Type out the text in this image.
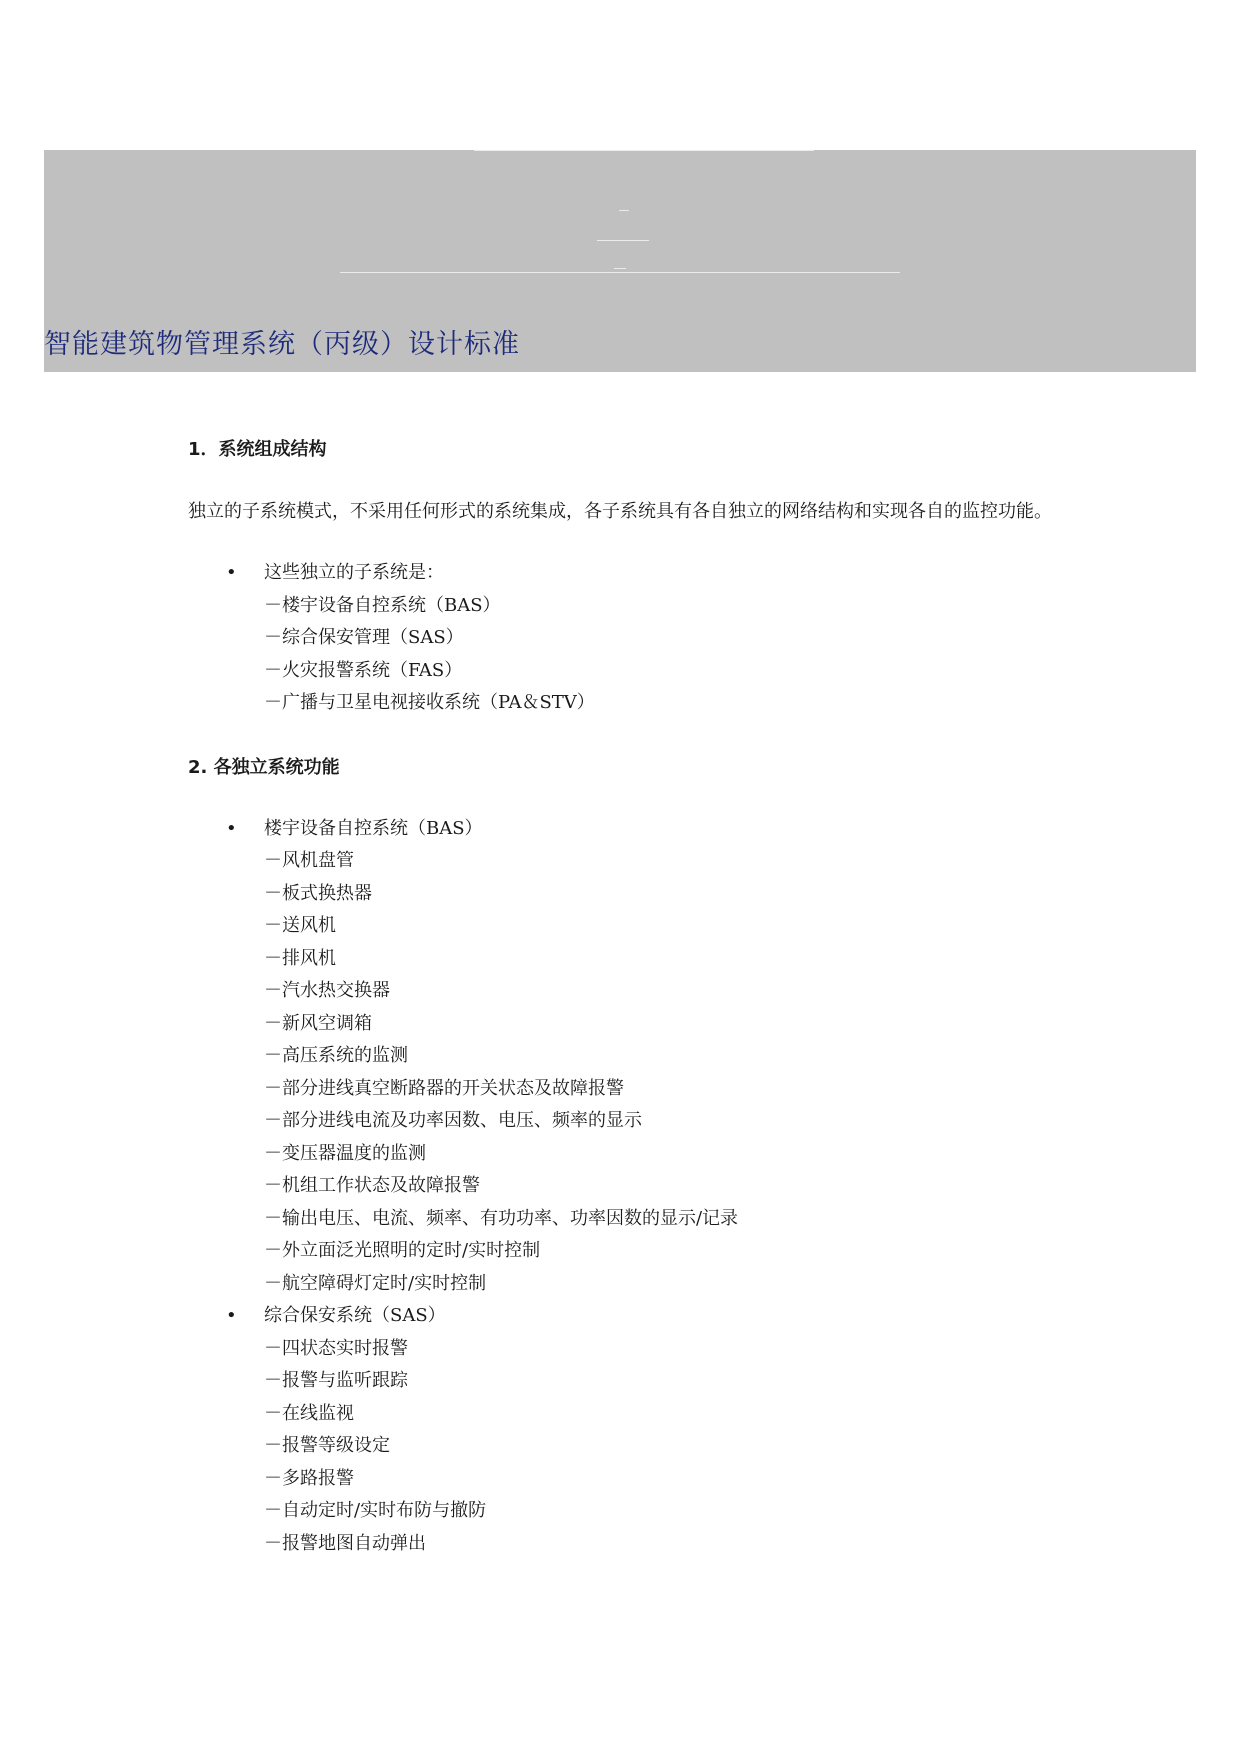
智能建筑物管理系统（丙级）设计标准
1．系统组成结构

独立的子系统模式，不采用任何形式的系统集成，各子系统具有各自独立的网络结构和实现各自的监控功能。

• 这些独立的子系统是：
－楼宇设备自控系统（BAS）
－综合保安管理（SAS）
－火灾报警系统（FAS）
－广播与卫星电视接收系统（PA＆STV）
2. 各独立系统功能
• 楼宇设备自控系统（BAS）
－风机盘管
－板式换热器
－送风机
－排风机
－汽水热交换器
－新风空调箱
－高压系统的监测
－部分进线真空断路器的开关状态及故障报警
－部分进线电流及功率因数、电压、频率的显示
－变压器温度的监测
－机组工作状态及故障报警
－输出电压、电流、频率、有功功率、功率因数的显示/记录
－外立面泛光照明的定时/实时控制
－航空障碍灯定时/实时控制
• 综合保安系统（SAS）
－四状态实时报警
－报警与监听跟踪
－在线监视
－报警等级设定
－多路报警
－自动定时/实时布防与撤防
－报警地图自动弹出
